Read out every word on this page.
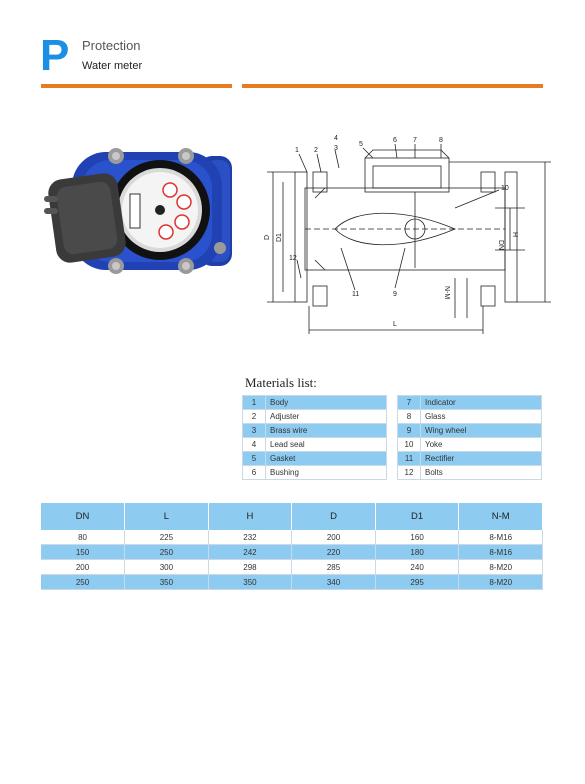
P Protection
Water meter
1 2 3
4
5
6 7	8
9
10
11
12
D D1
DN
H
L
N-M
Materials list:
1	Body
2	Adjuster
3	Brass wire
4	Lead seal
5	Gasket
6	Bushing
7	Indicator
8	Glass
9	Wing wheel
10	Yoke
11	Rectifier
12	Bolts
DN	L	H	D	D1	N-M
80	225	232	200	160	8-M16
150	250	242	220	180	8-M16
200	300	298	285	240	8-M20
250	350	350	340	295	8-M20
